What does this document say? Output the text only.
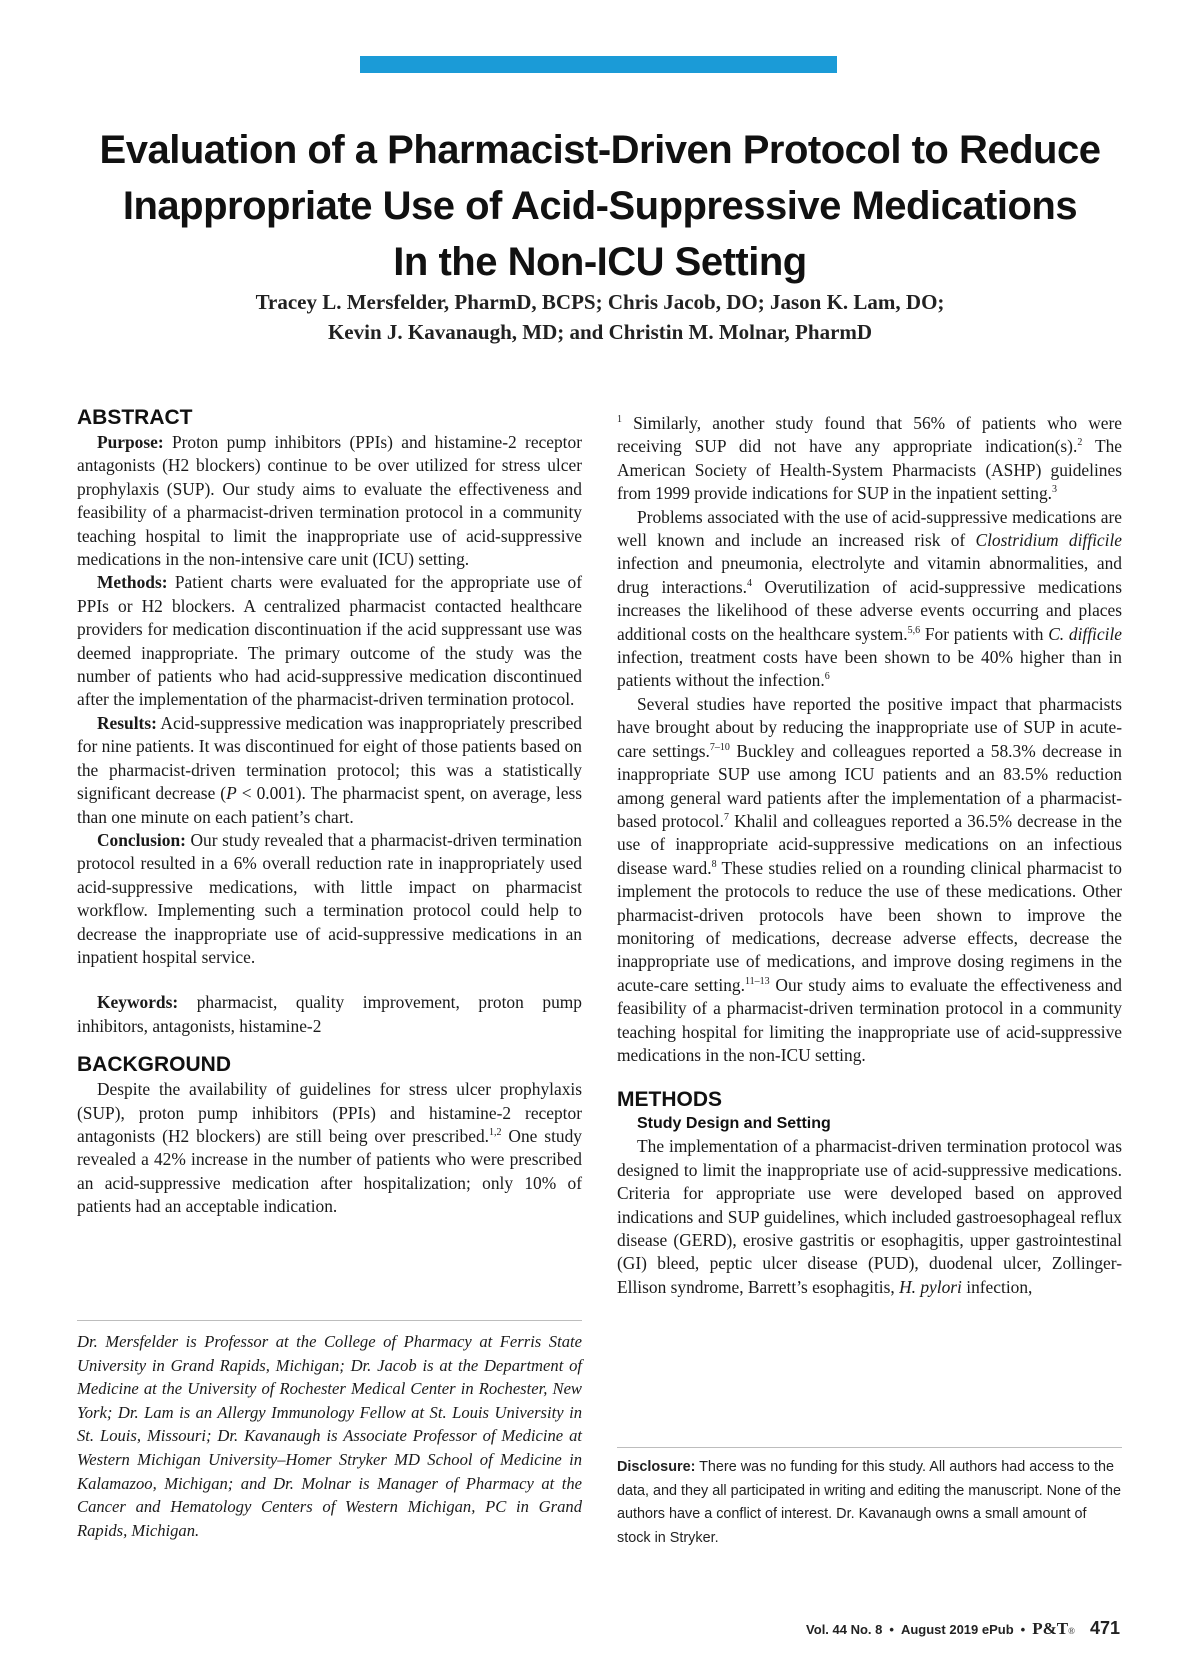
Evaluation of a Pharmacist-Driven Protocol to Reduce
Inappropriate Use of Acid-Suppressive Medications
In the Non-ICU Setting
Tracey L. Mersfelder, PharmD, BCPS; Chris Jacob, DO; Jason K. Lam, DO;
Kevin J. Kavanaugh, MD; and Christin M. Molnar, PharmD

ABSTRACT

Purpose: Proton pump inhibitors (PPIs) and histamine-2 receptor antagonists (H2 blockers) continue to be over utilized for stress ulcer prophylaxis (SUP). Our study aims to evaluate the effectiveness and feasibility of a pharmacist-driven termination protocol in a community teaching hospital to limit the inappropriate use of acid-suppressive medications in the non-intensive care unit (ICU) setting.

Methods: Patient charts were evaluated for the appropriate use of PPIs or H2 blockers. A centralized pharmacist contacted healthcare providers for medication discontinuation if the acid suppressant use was deemed inappropriate. The primary outcome of the study was the number of patients who had acid-suppressive medication discontinued after the implementation of the pharmacist-driven termination protocol.

Results: Acid-suppressive medication was inappropriately prescribed for nine patients. It was discontinued for eight of those patients based on the pharmacist-driven termination protocol; this was a statistically significant decrease (P < 0.001). The pharmacist spent, on average, less than one minute on each patient’s chart.

Conclusion: Our study revealed that a pharmacist-driven termination protocol resulted in a 6% overall reduction rate in inappropriately used acid-suppressive medications, with little impact on pharmacist workflow. Implementing such a termination protocol could help to decrease the inappropriate use of acid-suppressive medications in an inpatient hospital service.

Keywords: pharmacist, quality improvement, proton pump inhibitors, antagonists, histamine-2

BACKGROUND

Despite the availability of guidelines for stress ulcer prophylaxis (SUP), proton pump inhibitors (PPIs) and histamine-2 receptor antagonists (H2 blockers) are still being over prescribed.$^{1,2}$ One study revealed a 42% increase in the number of patients who were prescribed an acid-suppressive medication after hospitalization; only 10% of patients had an acceptable indication.

Dr. Mersfelder is Professor at the College of Pharmacy at Ferris State University in Grand Rapids, Michigan; Dr. Jacob is at the Department of Medicine at the University of Rochester Medical Center in Rochester, New York; Dr. Lam is an Allergy Immunology Fellow at St. Louis University in St. Louis, Missouri; Dr. Kavanaugh is Associate Professor of Medicine at Western Michigan University–Homer Stryker MD School of Medicine in Kalamazoo, Michigan; and Dr. Molnar is Manager of Pharmacy at the Cancer and Hematology Centers of Western Michigan, PC in Grand Rapids, Michigan.

$^1$ Similarly, another study found that 56% of patients who were receiving SUP did not have any appropriate indication(s).$^2$ The American Society of Health-System Pharmacists (ASHP) guidelines from 1999 provide indications for SUP in the inpatient setting.$^3$

Problems associated with the use of acid-suppressive medications are well known and include an increased risk of Clostridium difficile infection and pneumonia, electrolyte and vitamin abnormalities, and drug interactions.$^4$ Overutilization of acid-suppressive medications increases the likelihood of these adverse events occurring and places additional costs on the healthcare system.$^{5,6}$ For patients with C. difficile infection, treatment costs have been shown to be 40% higher than in patients without the infection.$^6$

Several studies have reported the positive impact that pharmacists have brought about by reducing the inappropriate use of SUP in acute-care settings.$^{7-10}$ Buckley and colleagues reported a 58.3% decrease in inappropriate SUP use among ICU patients and an 83.5% reduction among general ward patients after the implementation of a pharmacist-based protocol.$^7$ Khalil and colleagues reported a 36.5% decrease in the use of inappropriate acid-suppressive medications on an infectious disease ward.$^8$ These studies relied on a rounding clinical pharmacist to implement the protocols to reduce the use of these medications. Other pharmacist-driven protocols have been shown to improve the monitoring of medications, decrease adverse effects, decrease the inappropriate use of medications, and improve dosing regimens in the acute-care setting.$^{11-13}$ Our study aims to evaluate the effectiveness and feasibility of a pharmacist-driven termination protocol in a community teaching hospital for limiting the inappropriate use of acid-suppressive medications in the non-ICU setting.

METHODS

Study Design and Setting

The implementation of a pharmacist-driven termination protocol was designed to limit the inappropriate use of acid-suppressive medications. Criteria for appropriate use were developed based on approved indications and SUP guidelines, which included gastroesophageal reflux disease (GERD), erosive gastritis or esophagitis, upper gastrointestinal (GI) bleed, peptic ulcer disease (PUD), duodenal ulcer, Zollinger-Ellison syndrome, Barrett’s esophagitis, H. pylori infection,

Disclosure: There was no funding for this study. All authors had access to the data, and they all participated in writing and editing the manuscript. None of the authors have a conflict of interest. Dr. Kavanaugh owns a small amount of stock in Stryker.
Vol. 44 No. 8 • August 2019 ePub • P&T® 471
